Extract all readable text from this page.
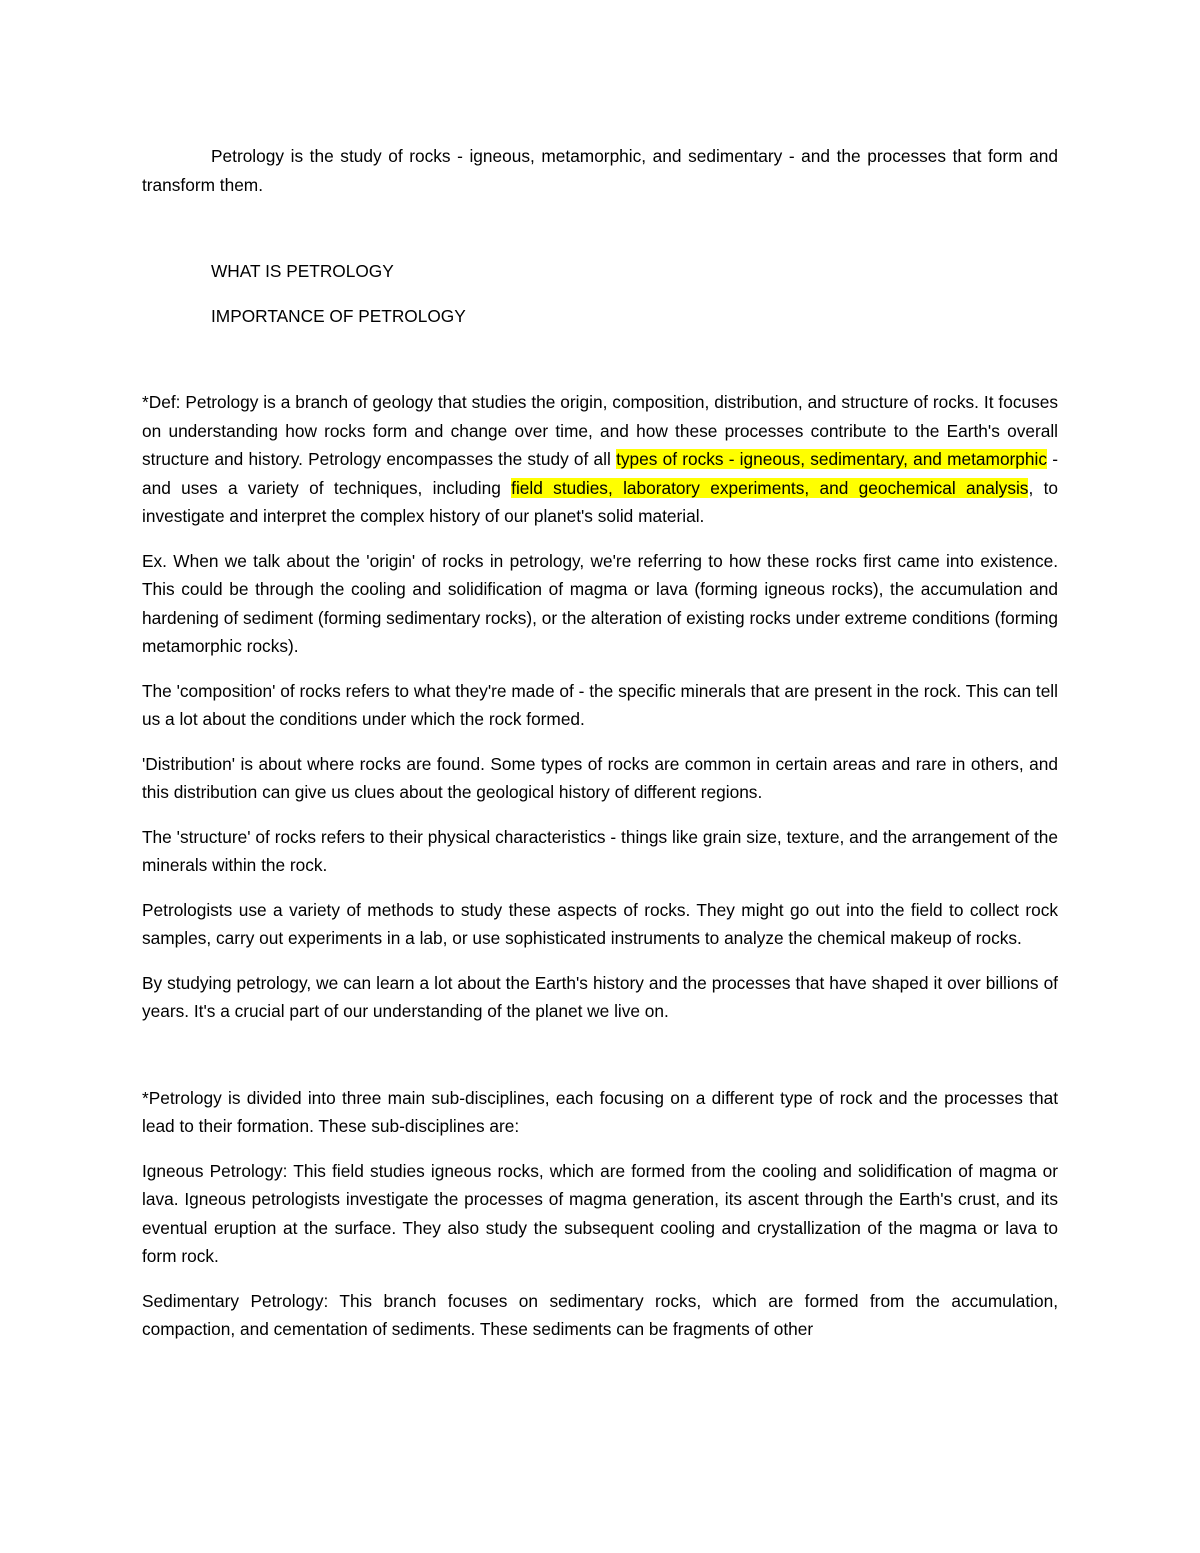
Petrology is the study of rocks - igneous, metamorphic, and sedimentary - and the processes that form and transform them.

WHAT IS PETROLOGY

IMPORTANCE OF PETROLOGY

*Def: Petrology is a branch of geology that studies the origin, composition, distribution, and structure of rocks. It focuses on understanding how rocks form and change over time, and how these processes contribute to the Earth's overall structure and history. Petrology encompasses the study of all types of rocks - igneous, sedimentary, and metamorphic - and uses a variety of techniques, including field studies, laboratory experiments, and geochemical analysis, to investigate and interpret the complex history of our planet's solid material.

Ex. When we talk about the 'origin' of rocks in petrology, we're referring to how these rocks first came into existence. This could be through the cooling and solidification of magma or lava (forming igneous rocks), the accumulation and hardening of sediment (forming sedimentary rocks), or the alteration of existing rocks under extreme conditions (forming metamorphic rocks).

The 'composition' of rocks refers to what they're made of - the specific minerals that are present in the rock. This can tell us a lot about the conditions under which the rock formed.

'Distribution' is about where rocks are found. Some types of rocks are common in certain areas and rare in others, and this distribution can give us clues about the geological history of different regions.

The 'structure' of rocks refers to their physical characteristics - things like grain size, texture, and the arrangement of the minerals within the rock.

Petrologists use a variety of methods to study these aspects of rocks. They might go out into the field to collect rock samples, carry out experiments in a lab, or use sophisticated instruments to analyze the chemical makeup of rocks.

By studying petrology, we can learn a lot about the Earth's history and the processes that have shaped it over billions of years. It's a crucial part of our understanding of the planet we live on.

*Petrology is divided into three main sub-disciplines, each focusing on a different type of rock and the processes that lead to their formation. These sub-disciplines are:

Igneous Petrology: This field studies igneous rocks, which are formed from the cooling and solidification of magma or lava. Igneous petrologists investigate the processes of magma generation, its ascent through the Earth's crust, and its eventual eruption at the surface. They also study the subsequent cooling and crystallization of the magma or lava to form rock.

Sedimentary Petrology: This branch focuses on sedimentary rocks, which are formed from the accumulation, compaction, and cementation of sediments. These sediments can be fragments of other
